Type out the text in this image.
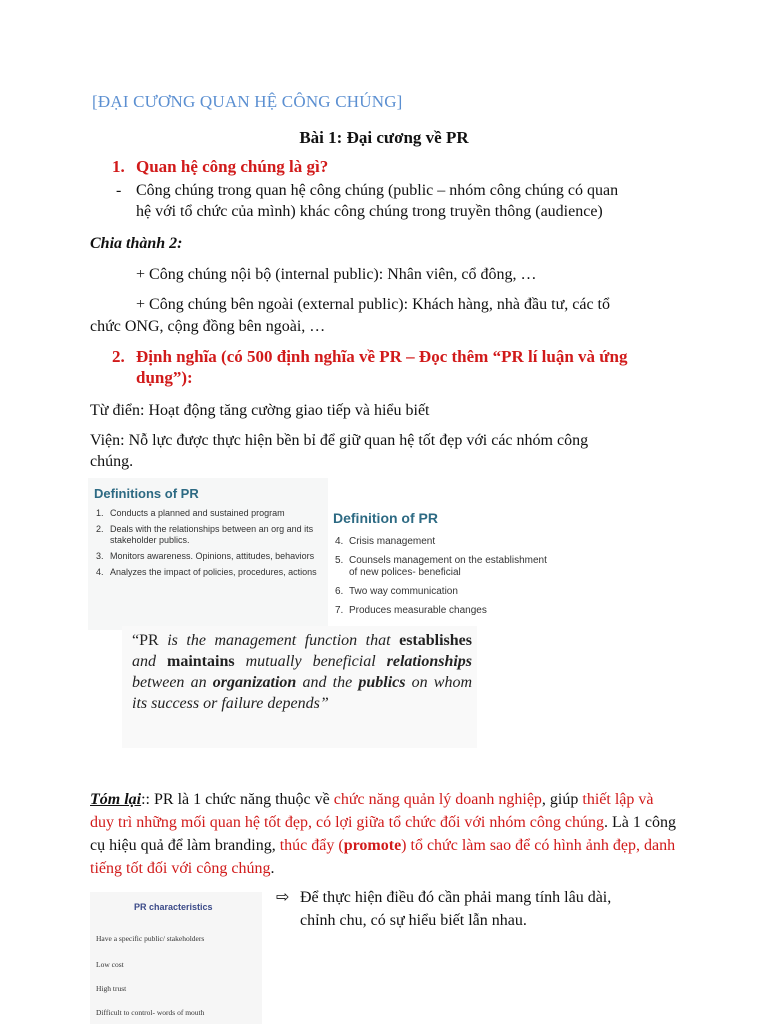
[ĐẠI CƯƠNG QUAN HỆ CÔNG CHÚNG]
Bài 1: Đại cương về PR
1. Quan hệ công chúng là gì?
- Công chúng trong quan hệ công chúng (public – nhóm công chúng có quan
hệ với tổ chức của mình) khác công chúng trong truyền thông (audience)
Chia thành 2:
+ Công chúng nội bộ (internal public): Nhân viên, cổ đông, …
+ Công chúng bên ngoài (external public): Khách hàng, nhà đầu tư, các tổ
chức ONG, cộng đồng bên ngoài, …
2. Định nghĩa (có 500 định nghĩa về PR – Đọc thêm “PR lí luận và ứng
dụng”):
Từ điển: Hoạt động tăng cường giao tiếp và hiểu biết
Viện: Nỗ lực được thực hiện bền bỉ để giữ quan hệ tốt đẹp với các nhóm công
chúng.
Definitions of PR
1. Conducts a planned and sustained program
2. Deals with the relationships between an org and its stakeholder publics.
3. Monitors awareness. Opinions, attitudes, behaviors
4. Analyzes the impact of policies, procedures, actions
Definition of PR
4. Crisis management
5. Counsels management on the establishment of new polices- beneficial
6. Two way communication
7. Produces measurable changes
“PR is the management function that establishes and maintains mutually beneficial relationships between an organization and the publics on whom its success or failure depends”
Tóm lại:: PR là 1 chức năng thuộc về chức năng quản lý doanh nghiệp, giúp thiết lập và duy trì những mối quan hệ tốt đẹp, có lợi giữa tổ chức đối với nhóm công chúng. Là 1 công cụ hiệu quả để làm branding, thúc đẩy (promote) tổ chức làm sao để có hình ảnh đẹp, danh tiếng tốt đối với công chúng.
⇨ Để thực hiện điều đó cần phải mang tính lâu dài,
chỉnh chu, có sự hiểu biết lẫn nhau.
PR characteristics
Have a specific public/ stakeholders
Low cost
High trust
Difficult to control- words of mouth
